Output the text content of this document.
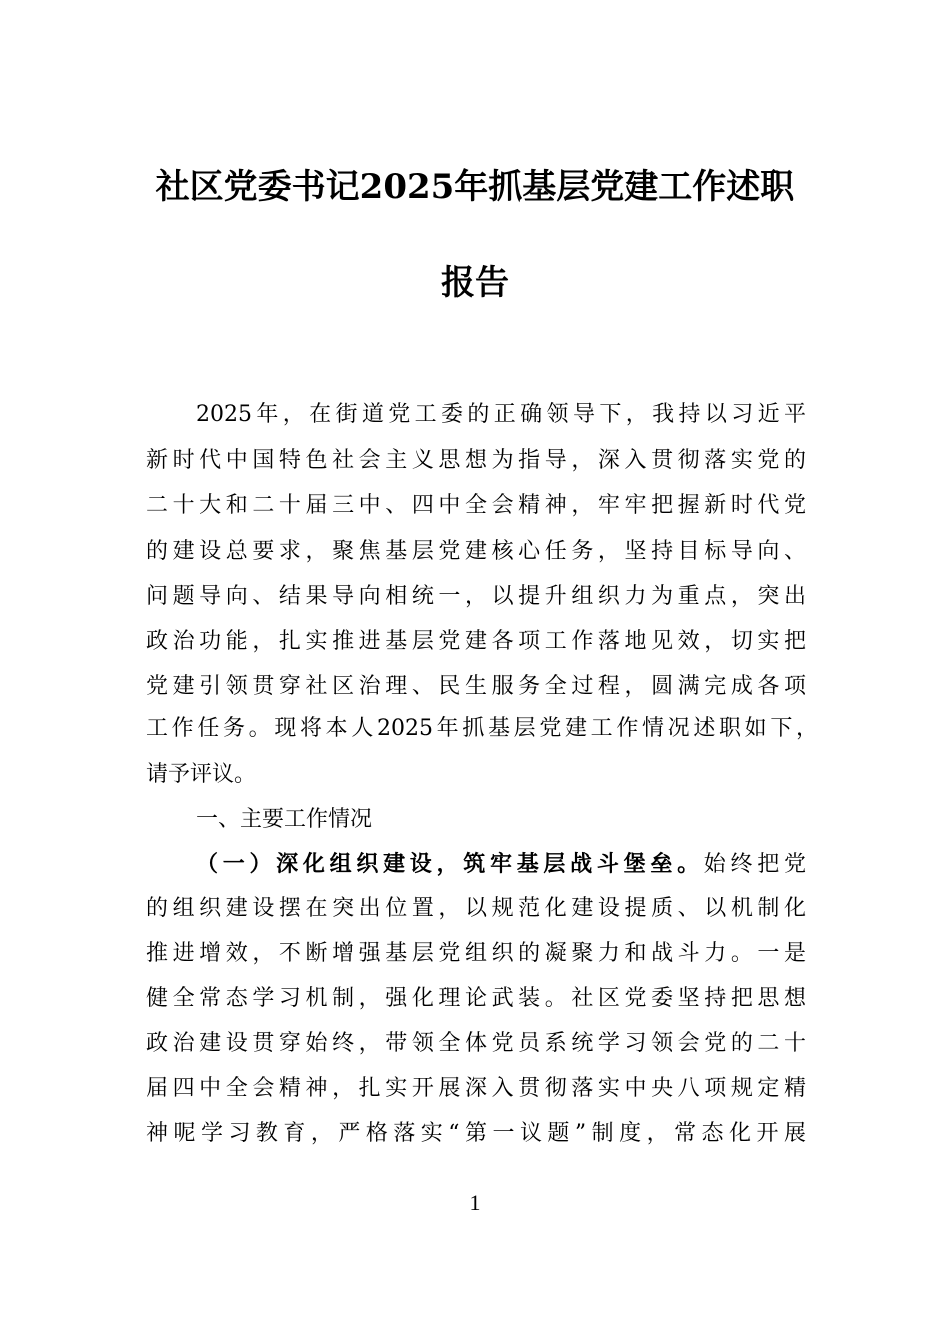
社区党委书记2025年抓基层党建工作述职
报告
2025年，在街道党工委的正确领导下，我持以习近平
新时代中国特色社会主义思想为指导，深入贯彻落实党的
二十大和二十届三中、四中全会精神，牢牢把握新时代党
的建设总要求，聚焦基层党建核心任务，坚持目标导向、
问题导向、结果导向相统一，以提升组织力为重点，突出
政治功能，扎实推进基层党建各项工作落地见效，切实把
党建引领贯穿社区治理、民生服务全过程，圆满完成各项
工作任务。现将本人2025年抓基层党建工作情况述职如下，
请予评议。
一、主要工作情况
（一）深化组织建设，筑牢基层战斗堡垒。始终把党
的组织建设摆在突出位置，以规范化建设提质、以机制化
推进增效，不断增强基层党组织的凝聚力和战斗力。一是
健全常态学习机制，强化理论武装。社区党委坚持把思想
政治建设贯穿始终，带领全体党员系统学习领会党的二十
届四中全会精神，扎实开展深入贯彻落实中央八项规定精
神呢学习教育，严格落实“第一议题”制度，常态化开展
1
